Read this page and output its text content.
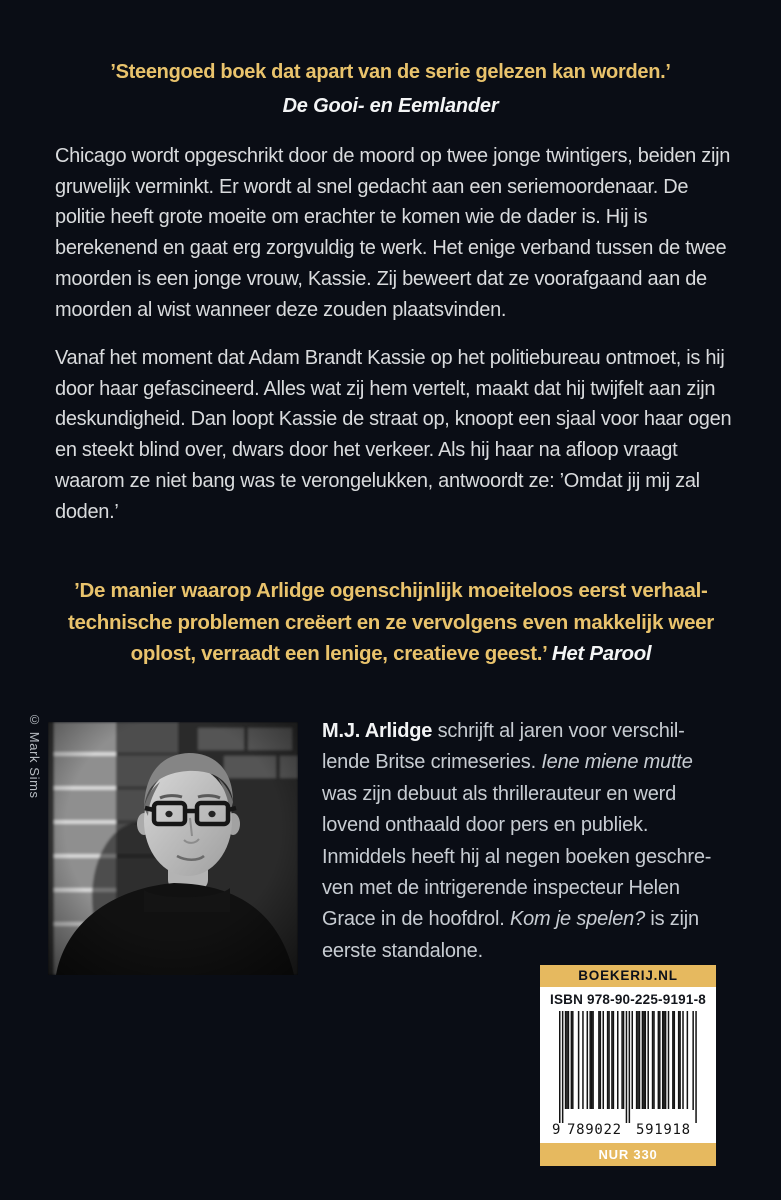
’Steengoed boek dat apart van de serie gelezen kan worden.’
De Gooi- en Eemlander
Chicago wordt opgeschrikt door de moord op twee jonge twintigers, beiden zijn gruwelijk verminkt. Er wordt al snel gedacht aan een seriemoordenaar. De politie heeft grote moeite om erachter te komen wie de dader is. Hij is berekenend en gaat erg zorgvuldig te werk. Het enige verband tussen de twee moorden is een jonge vrouw, Kassie. Zij beweert dat ze voorafgaand aan de moorden al wist wanneer deze zouden plaatsvinden.
Vanaf het moment dat Adam Brandt Kassie op het politiebureau ontmoet, is hij door haar gefascineerd. Alles wat zij hem vertelt, maakt dat hij twijfelt aan zijn deskundigheid. Dan loopt Kassie de straat op, knoopt een sjaal voor haar ogen en steekt blind over, dwars door het verkeer. Als hij haar na afloop vraagt waarom ze niet bang was te verongelukken, antwoordt ze: ’Omdat jij mij zal doden.’
’De manier waarop Arlidge ogenschijnlijk moeiteloos eerst verhaaltechnische problemen creëert en ze vervolgens even makkelijk weer oplost, verraadt een lenige, creatieve geest.’ Het Parool
© Mark Sims	M.J. Arlidge schrijft al jaren voor verschillende Britse crimeseries. Iene miene mutte was zijn debuut als thrillerauteur en werd lovend onthaald door pers en publiek. Inmiddels heeft hij al negen boeken geschreven met de intrigerende inspecteur Helen Grace in de hoofdrol. Kom je spelen? is zijn eerste standalone.
BOEKERIJ.NL
ISBN 978-90-225-9191-8
9 789022 591918
NUR 330
